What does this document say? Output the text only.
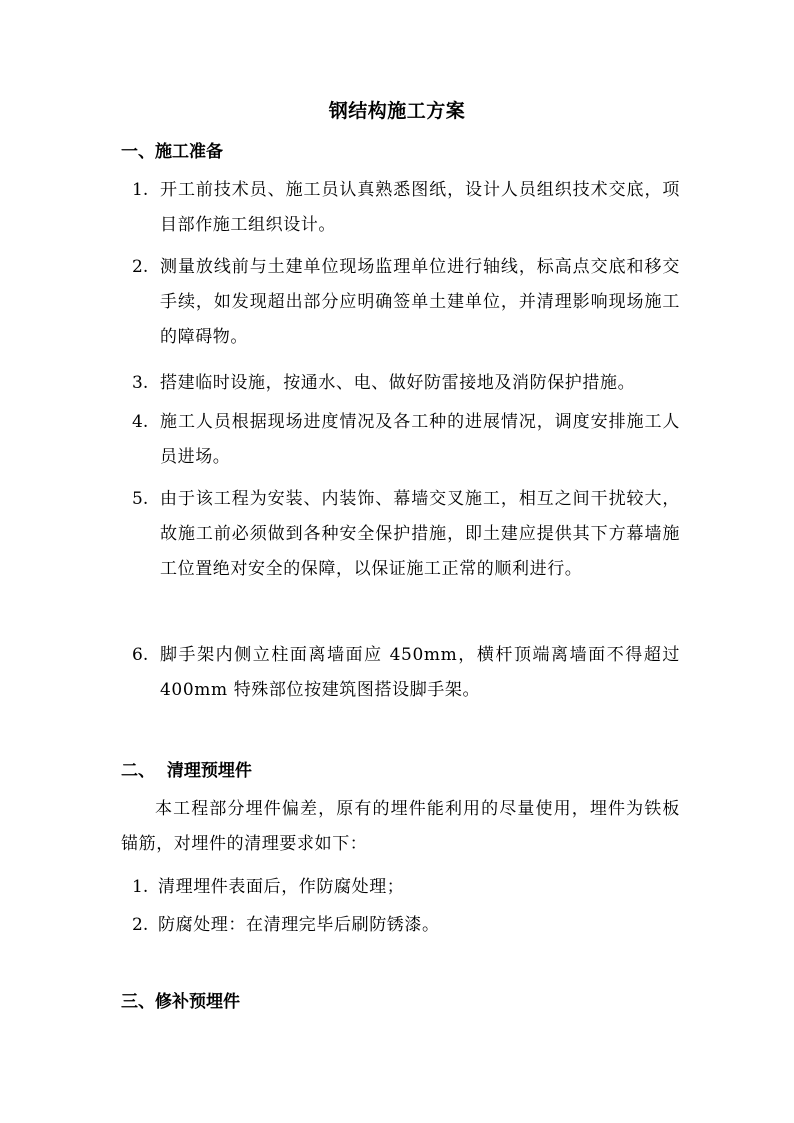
钢结构施工方案
一、施工准备
1. 开工前技术员、施工员认真熟悉图纸，设计人员组织技术交底，项目部作施工组织设计。
2. 测量放线前与土建单位现场监理单位进行轴线，标高点交底和移交手续，如发现超出部分应明确签单土建单位，并清理影响现场施工的障碍物。
3. 搭建临时设施，按通水、电、做好防雷接地及消防保护措施。
4. 施工人员根据现场进度情况及各工种的进展情况，调度安排施工人员进场。
5. 由于该工程为安装、内装饰、幕墙交叉施工，相互之间干扰较大，故施工前必须做到各种安全保护措施，即土建应提供其下方幕墙施工位置绝对安全的保障，以保证施工正常的顺利进行。
6. 脚手架内侧立柱面离墙面应 450mm，横杆顶端离墙面不得超过 400mm 特殊部位按建筑图搭设脚手架。
二、  清理预埋件
本工程部分埋件偏差，原有的埋件能利用的尽量使用，埋件为铁板锚筋，对埋件的清理要求如下：
1. 清理埋件表面后，作防腐处理；
2. 防腐处理：在清理完毕后刷防锈漆。
三、修补预埋件
